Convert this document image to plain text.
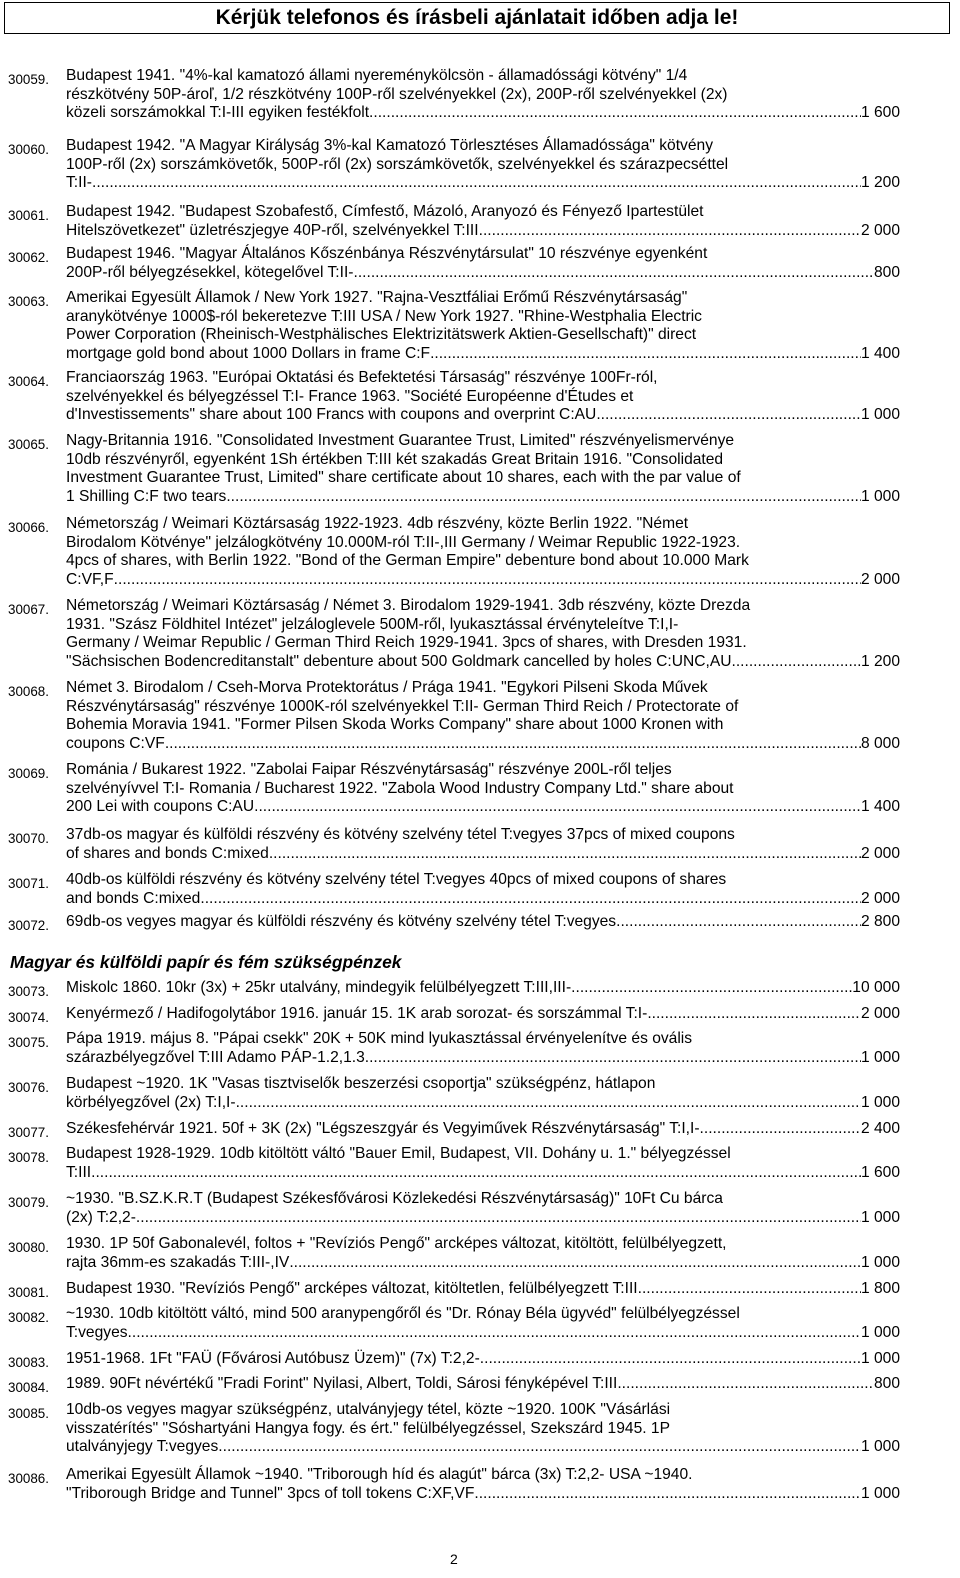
Kérjük telefonos és írásbeli ajánlatait időben adja le!
30059.	Budapest 1941. "4%-kal kamatozó állami nyereménykölcsön - államadóssági kötvény" 1/4
részkötvény 50P-ároľ, 1/2 részkötvény 100P-ről szelvényekkel (2x), 200P-ről szelvényekkel (2x)
közeli sorszámokkal T:I-III egyiken festékfolt .....	1 600
30060.	Budapest 1942. "A Magyar Királyság 3%-kal Kamatozó Törlesztéses Államadóssága" kötvény
100P-ről (2x) sorszámkövetők, 500P-ről (2x) sorszámkövetők, szelvényekkel és szárazpecséttel
T:II- .....	1 200
30061.	Budapest 1942. "Budapest Szobafestő, Címfestő, Mázoló, Aranyozó és Fényező Ipartestület
Hitelszövetkezet" üzletrészjegye 40P-ről, szelvényekkel T:III .....	2 000
30062.	Budapest 1946. "Magyar Általános Kőszénbánya Részvénytársulat" 10 részvénye egyenként
200P-ről bélyegzésekkel, kötegelővel T:II- .....	800
30063.	Amerikai Egyesült Államok / New York 1927. "Rajna-Vesztfáliai Erőmű Részvénytársaság"
aranykötvénye 1000$-ról bekeretezve T:III USA / New York 1927. "Rhine-Westphalia Electric
Power Corporation (Rheinisch-Westphälisches Elektrizitätswerk Aktien-Gesellschaft)" direct
mortgage gold bond about 1000 Dollars in frame C:F .....	1 400
30064.	Franciaország 1963. "Európai Oktatási és Befektetési Társaság" részvénye 100Fr-ról,
szelvényekkel és bélyegzéssel T:I- France 1963. "Société Européenne d'Études et
d'Investissements" share about 100 Francs with coupons and overprint C:AU .....	1 000
30065.	Nagy-Britannia 1916. "Consolidated Investment Guarantee Trust, Limited" részvényelismervénye
10db részvényről, egyenként 1Sh értékben T:III két szakadás Great Britain 1916. "Consolidated
Investment Guarantee Trust, Limited" share certificate about 10 shares, each with the par value of
1 Shilling C:F two tears .....	1 000
30066.	Németország / Weimari Köztársaság 1922-1923. 4db részvény, közte Berlin 1922. "Német
Birodalom Kötvénye" jelzálogkötvény 10.000M-ról T:II-,III Germany / Weimar Republic 1922-1923.
4pcs of shares, with Berlin 1922. "Bond of the German Empire" debenture bond about 10.000 Mark
C:VF,F .....	2 000
30067.	Németország / Weimari Köztársaság / Német 3. Birodalom 1929-1941. 3db részvény, közte Drezda
1931. "Szász Földhitel Intézet" jelzáloglevele 500M-ről, lyukasztással érvényteleítve T:I,I-
Germany / Weimar Republic / German Third Reich 1929-1941. 3pcs of shares, with Dresden 1931.
"Sächsischen Bodencreditanstalt" debenture about 500 Goldmark cancelled by holes C:UNC,AU .....	1 200
30068.	Német 3. Birodalom / Cseh-Morva Protektorátus / Prága 1941. "Egykori Pilseni Skoda Művek
Részvénytársaság" részvénye 1000K-ról szelvényekkel T:II- German Third Reich / Protectorate of
Bohemia Moravia 1941. "Former Pilsen Skoda Works Company" share about 1000 Kronen with
coupons C:VF .....	8 000
30069.	Románia / Bukarest 1922. "Zabolai Faipar Részvénytársaság" részvénye 200L-ről teljes
szelvényívvel T:I- Romania / Bucharest 1922. "Zabola Wood Industry Company Ltd." share about
200 Lei with coupons C:AU .....	1 400
30070.	37db-os magyar és külföldi részvény és kötvény szelvény tétel T:vegyes 37pcs of mixed coupons
of shares and bonds C:mixed .....	2 000
30071.	40db-os külföldi részvény és kötvény szelvény tétel T:vegyes 40pcs of mixed coupons of shares
and bonds C:mixed .....	2 000
30072.	69db-os vegyes magyar és külföldi részvény és kötvény szelvény tétel T:vegyes .....	2 800
30073.	Miskolc 1860. 10kr (3x) + 25kr utalvány, mindegyik felülbélyegzett T:III,III- .....	10 000
30074.	Kenyérmező / Hadifogolytábor 1916. január 15. 1K arab sorozat- és sorszámmal T:I- .....	2 000
30075.	Pápa 1919. május 8. "Pápai csekk" 20K + 50K mind lyukasztással érvényelenítve és ovális
szárazbélyegzővel T:III Adamo PÁP-1.2,1.3 .....	1 000
30076.	Budapest ~1920. 1K "Vasas tisztviselők beszerzési csoportja" szükségpénz, hátlapon
körbélyegzővel (2x) T:I,I- .....	1 000
30077.	Székesfehérvár 1921. 50f + 3K (2x) "Légszeszgyár és Vegyiművek Részvénytársaság" T:I,I- .....	2 400
30078.	Budapest 1928-1929. 10db kitöltött váltó "Bauer Emil, Budapest, VII. Dohány u. 1." bélyegzéssel
T:III .....	1 600
30079.	~1930. "B.SZ.K.R.T (Budapest Székesfővárosi Közlekedési Részvénytársaság)" 10Ft Cu bárca
(2x) T:2,2- .....	1 000
30080.	1930. 1P 50f Gabonalevél, foltos + "Revíziós Pengő" arcképes változat, kitöltött, felülbélyegzett,
rajta 36mm-es szakadás T:III-,IV .....	1 000
30081.	Budapest 1930. "Revíziós Pengő" arcképes változat, kitöltetlen, felülbélyegzett T:III .....	1 800
30082.	~1930. 10db kitöltött váltó, mind 500 aranypengőről és "Dr. Rónay Béla ügyvéd" felülbélyegzéssel
T:vegyes .....	1 000
30083.	1951-1968. 1Ft "FAÜ (Fővárosi Autóbusz Üzem)" (7x) T:2,2- .....	1 000
30084.	1989. 90Ft névértékű "Fradi Forint" Nyilasi, Albert, Toldi, Sárosi fényképével T:III .....	800
30085.	10db-os vegyes magyar szükségpénz, utalványjegy tétel, közte ~1920. 100K "Vásárlási
visszatérítés" "Sóshartyáni Hangya fogy. és ért." felülbélyegzéssel, Szekszárd 1945. 1P
utalványjegy T:vegyes .....	1 000
30086.	Amerikai Egyesült Államok ~1940. "Triborough híd és alagút" bárca (3x) T:2,2- USA ~1940.
"Triborough Bridge and Tunnel" 3pcs of toll tokens C:XF,VF .....	1 000
Magyar és külföldi papír és fém szükségpénzek
2
